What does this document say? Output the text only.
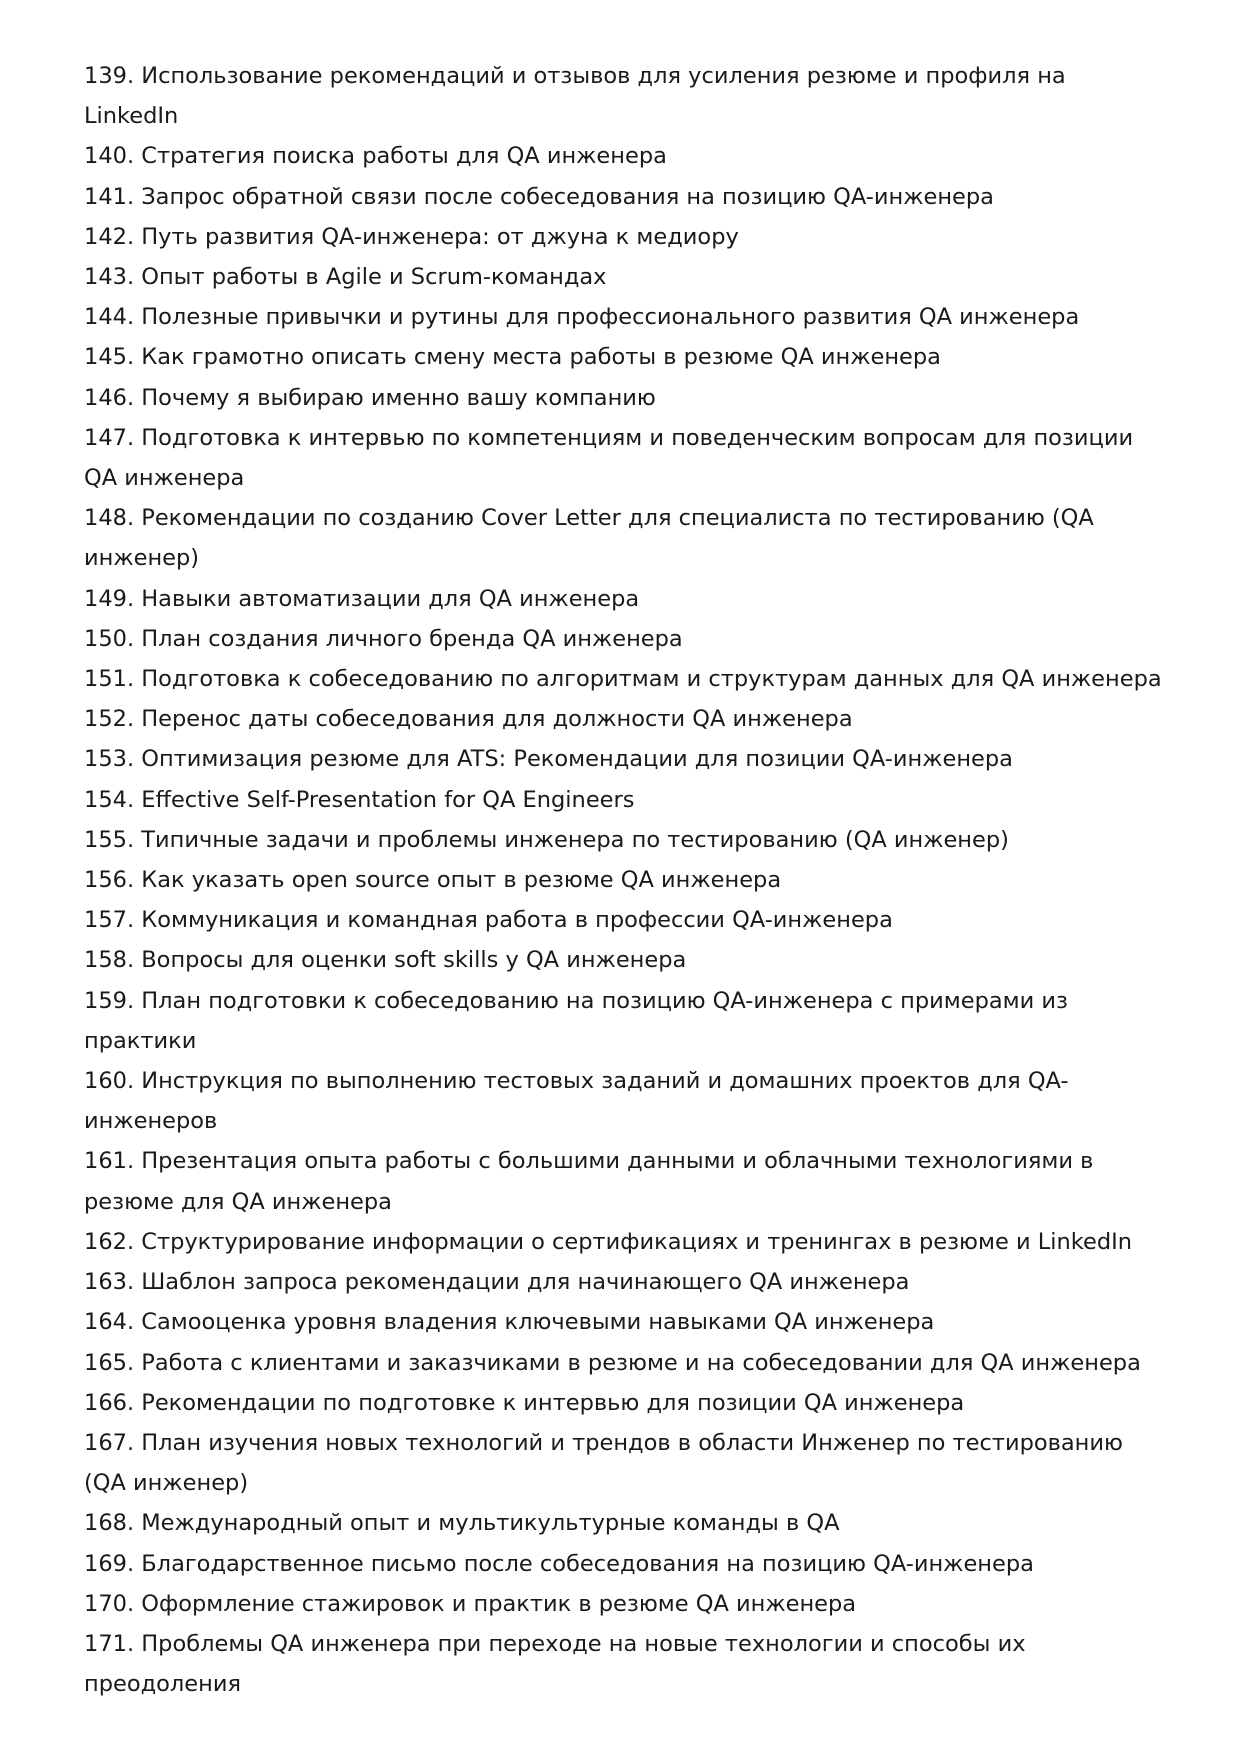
139. Использование рекомендаций и отзывов для усиления резюме и профиля на LinkedIn
140. Стратегия поиска работы для QA инженера
141. Запрос обратной связи после собеседования на позицию QA-инженера
142. Путь развития QA-инженера: от джуна к медиору
143. Опыт работы в Agile и Scrum-командах
144. Полезные привычки и рутины для профессионального развития QA инженера
145. Как грамотно описать смену места работы в резюме QA инженера
146. Почему я выбираю именно вашу компанию
147. Подготовка к интервью по компетенциям и поведенческим вопросам для позиции QA инженера
148. Рекомендации по созданию Cover Letter для специалиста по тестированию (QA инженер)
149. Навыки автоматизации для QA инженера
150. План создания личного бренда QA инженера
151. Подготовка к собеседованию по алгоритмам и структурам данных для QA инженера
152. Перенос даты собеседования для должности QA инженера
153. Оптимизация резюме для ATS: Рекомендации для позиции QA-инженера
154. Effective Self-Presentation for QA Engineers
155. Типичные задачи и проблемы инженера по тестированию (QA инженер)
156. Как указать open source опыт в резюме QA инженера
157. Коммуникация и командная работа в профессии QA-инженера
158. Вопросы для оценки soft skills у QA инженера
159. План подготовки к собеседованию на позицию QA-инженера с примерами из практики
160. Инструкция по выполнению тестовых заданий и домашних проектов для QA-инженеров
161. Презентация опыта работы с большими данными и облачными технологиями в резюме для QA инженера
162. Структурирование информации о сертификациях и тренингах в резюме и LinkedIn
163. Шаблон запроса рекомендации для начинающего QA инженера
164. Самооценка уровня владения ключевыми навыками QA инженера
165. Работа с клиентами и заказчиками в резюме и на собеседовании для QA инженера
166. Рекомендации по подготовке к интервью для позиции QA инженера
167. План изучения новых технологий и трендов в области Инженер по тестированию (QA инженер)
168. Международный опыт и мультикультурные команды в QA
169. Благодарственное письмо после собеседования на позицию QA-инженера
170. Оформление стажировок и практик в резюме QA инженера
171. Проблемы QA инженера при переходе на новые технологии и способы их преодоления
